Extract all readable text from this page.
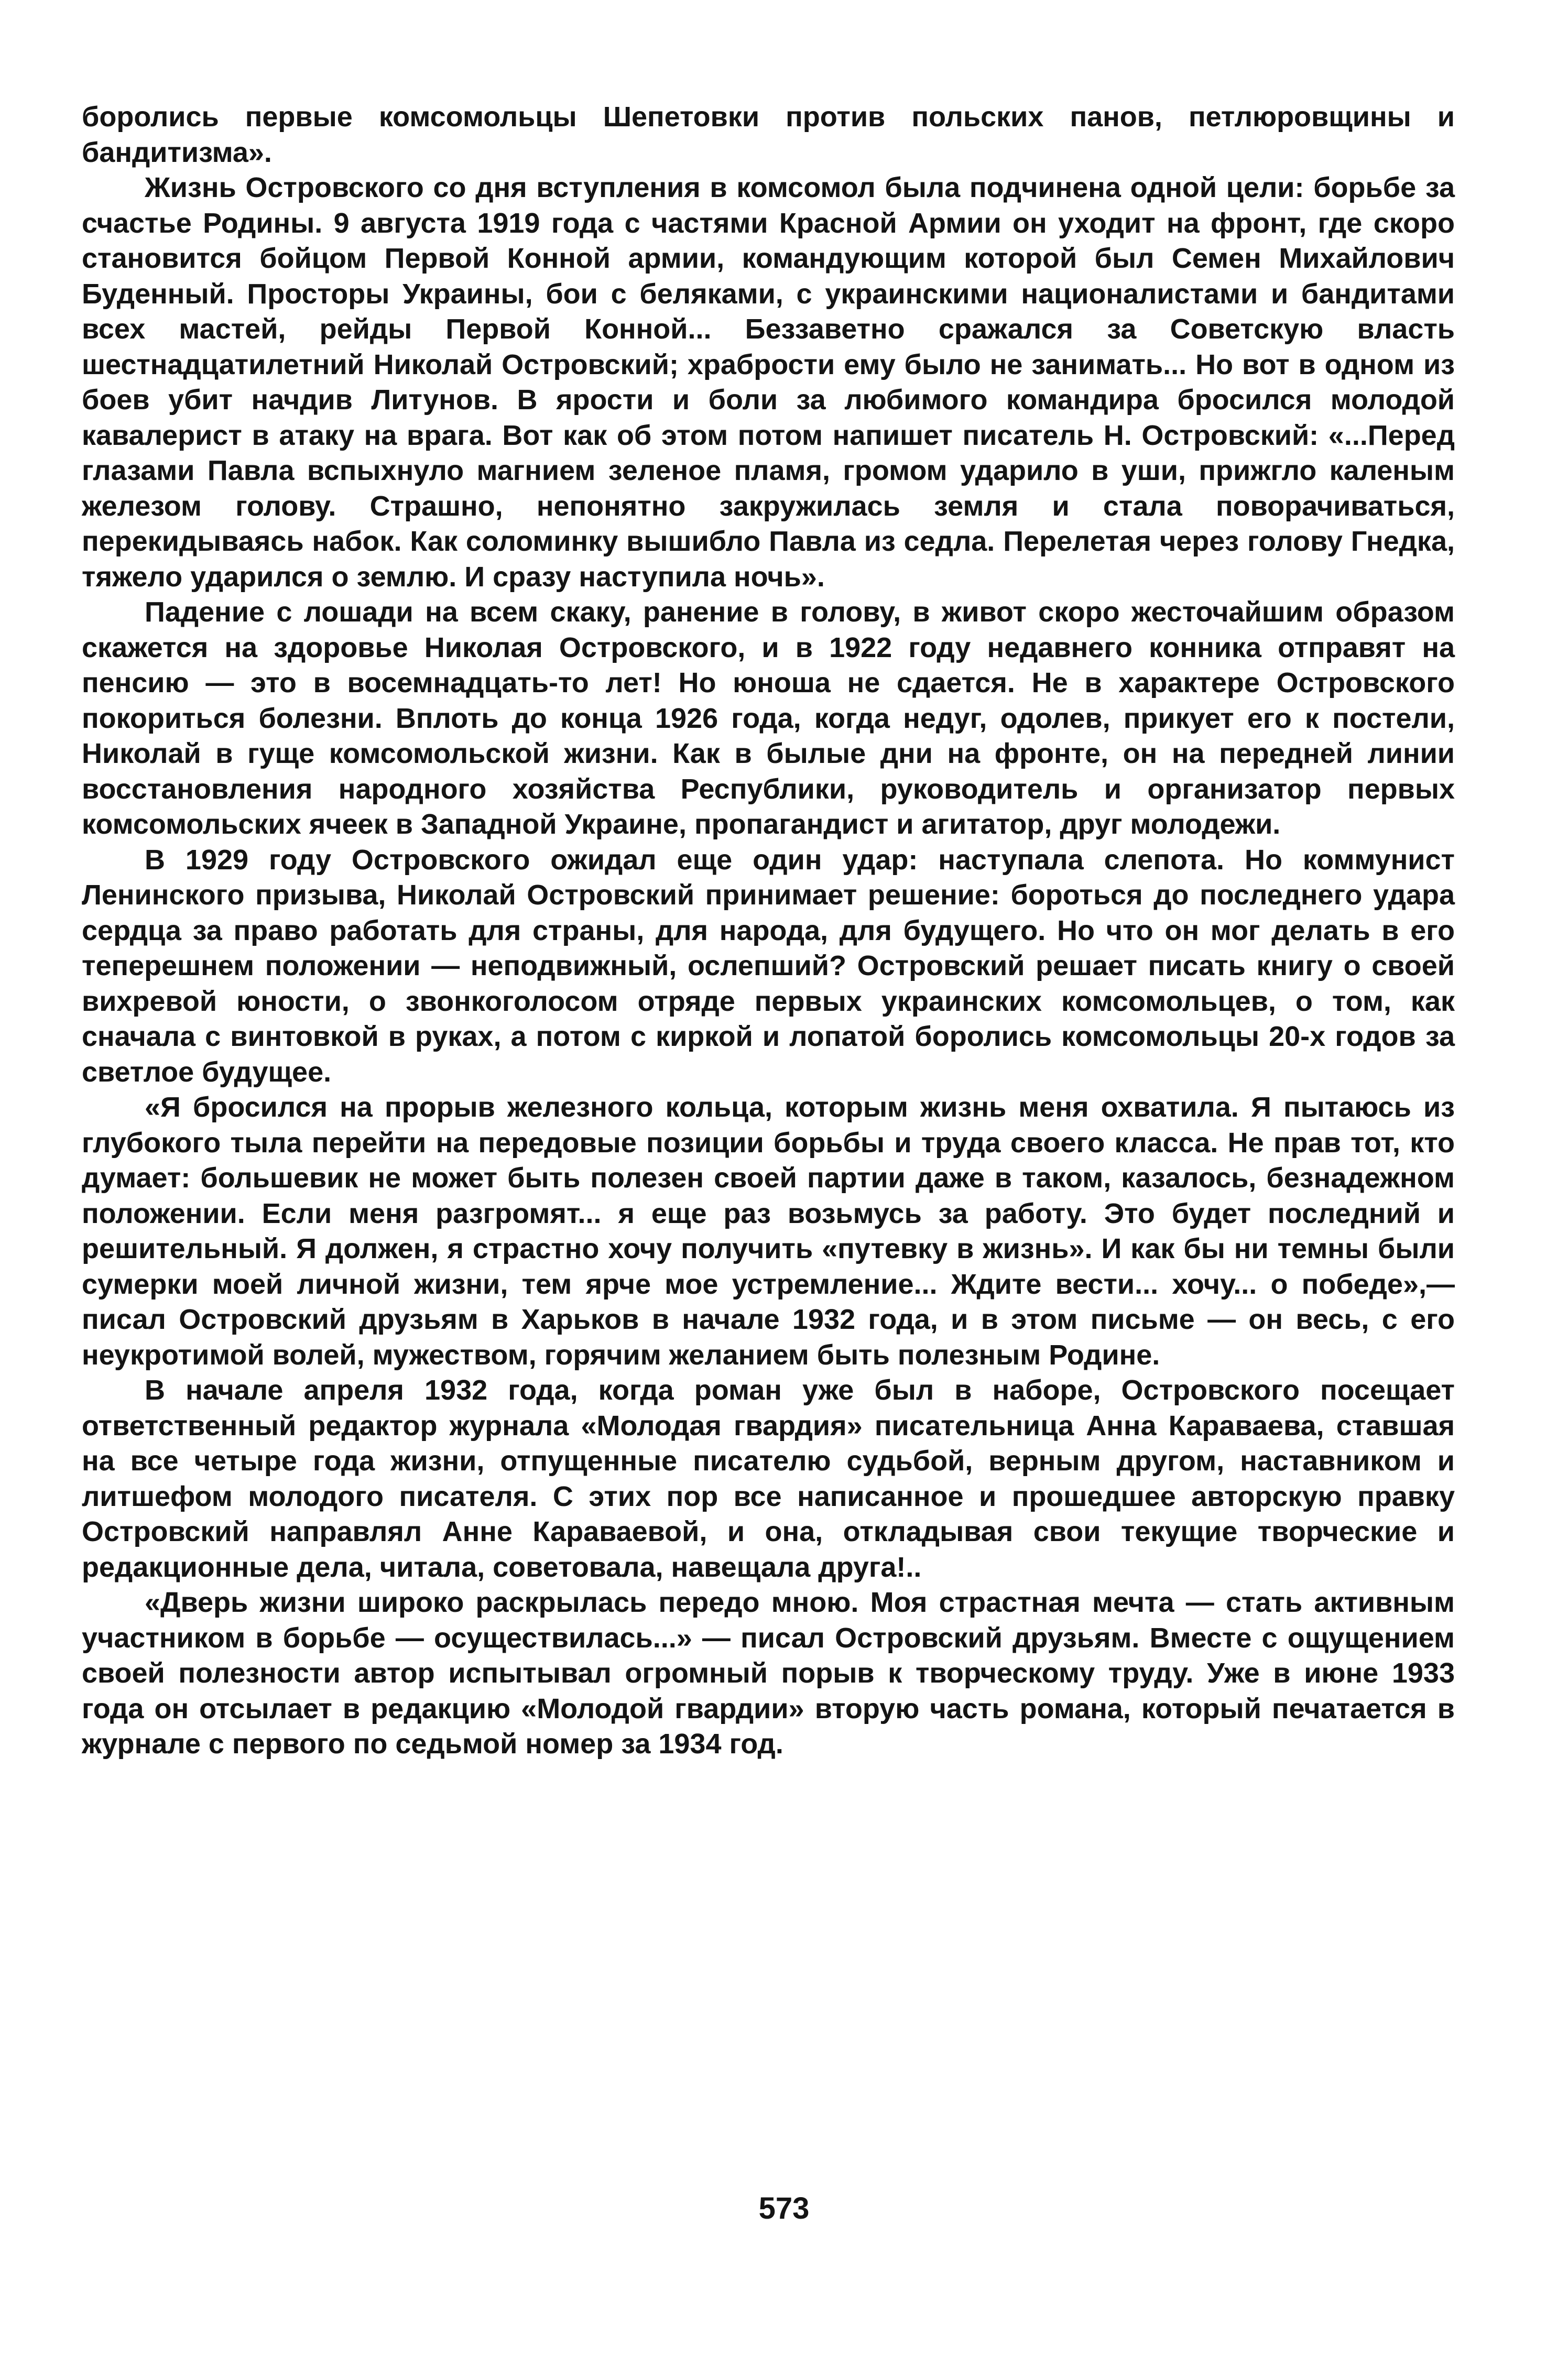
боролись первые комсомольцы Шепетовки против польских панов, петлюровщины и бандитизма».

Жизнь Островского со дня вступления в комсомол была подчинена одной цели: борьбе за счастье Родины. 9 августа 1919 года с частями Красной Армии он уходит на фронт, где скоро становится бойцом Первой Конной армии, командующим которой был Семен Михайлович Буденный. Просторы Украины, бои с беляками, с украинскими националистами и бандитами всех мастей, рейды Первой Конной... Беззаветно сражался за Советскую власть шестнадцатилетний Николай Островский; храбрости ему было не занимать... Но вот в одном из боев убит начдив Литунов. В ярости и боли за любимого командира бросился молодой кавалерист в атаку на врага. Вот как об этом потом напишет писатель Н. Островский: «...Перед глазами Павла вспыхнуло магнием зеленое пламя, громом ударило в уши, прижгло каленым железом голову. Страшно, непонятно закружилась земля и стала поворачиваться, перекидываясь набок. Как соломинку вышибло Павла из седла. Перелетая через голову Гнедка, тяжело ударился о землю. И сразу наступила ночь».

Падение с лошади на всем скаку, ранение в голову, в живот скоро жесточайшим образом скажется на здоровье Николая Островского, и в 1922 году недавнего конника отправят на пенсию — это в восемнадцать-то лет! Но юноша не сдается. Не в характере Островского покориться болезни. Вплоть до конца 1926 года, когда недуг, одолев, прикует его к постели, Николай в гуще комсомольской жизни. Как в былые дни на фронте, он на передней линии восстановления народного хозяйства Республики, руководитель и организатор первых комсомольских ячеек в Западной Украине, пропагандист и агитатор, друг молодежи.

В 1929 году Островского ожидал еще один удар: наступала слепота. Но коммунист Ленинского призыва, Николай Островский принимает решение: бороться до последнего удара сердца за право работать для страны, для народа, для будущего. Но что он мог делать в его теперешнем положении — неподвижный, ослепший? Островский решает писать книгу о своей вихревой юности, о звонкоголосом отряде первых украинских комсомольцев, о том, как сначала с винтовкой в руках, а потом с киркой и лопатой боролись комсомольцы 20-х годов за светлое будущее.

«Я бросился на прорыв железного кольца, которым жизнь меня охватила. Я пытаюсь из глубокого тыла перейти на передовые позиции борьбы и труда своего класса. Не прав тот, кто думает: большевик не может быть полезен своей партии даже в таком, казалось, безнадежном положении. Если меня разгромят... я еще раз возьмусь за работу. Это будет последний и решительный. Я должен, я страстно хочу получить «путевку в жизнь». И как бы ни темны были сумерки моей личной жизни, тем ярче мое устремление... Ждите вести... хочу... о победе»,— писал Островский друзьям в Харьков в начале 1932 года, и в этом письме — он весь, с его неукротимой волей, мужеством, горячим желанием быть полезным Родине.

В начале апреля 1932 года, когда роман уже был в наборе, Островского посещает ответственный редактор журнала «Молодая гвардия» писательница Анна Караваева, ставшая на все четыре года жизни, отпущенные писателю судьбой, верным другом, наставником и литшефом молодого писателя. С этих пор все написанное и прошедшее авторскую правку Островский направлял Анне Караваевой, и она, откладывая свои текущие творческие и редакционные дела, читала, советовала, навещала друга!..

«Дверь жизни широко раскрылась передо мною. Моя страстная мечта — стать активным участником в борьбе — осуществилась...» — писал Островский друзьям. Вместе с ощущением своей полезности автор испытывал огромный порыв к творческому труду. Уже в июне 1933 года он отсылает в редакцию «Молодой гвардии» вторую часть романа, который печатается в журнале с первого по седьмой номер за 1934 год.

573
